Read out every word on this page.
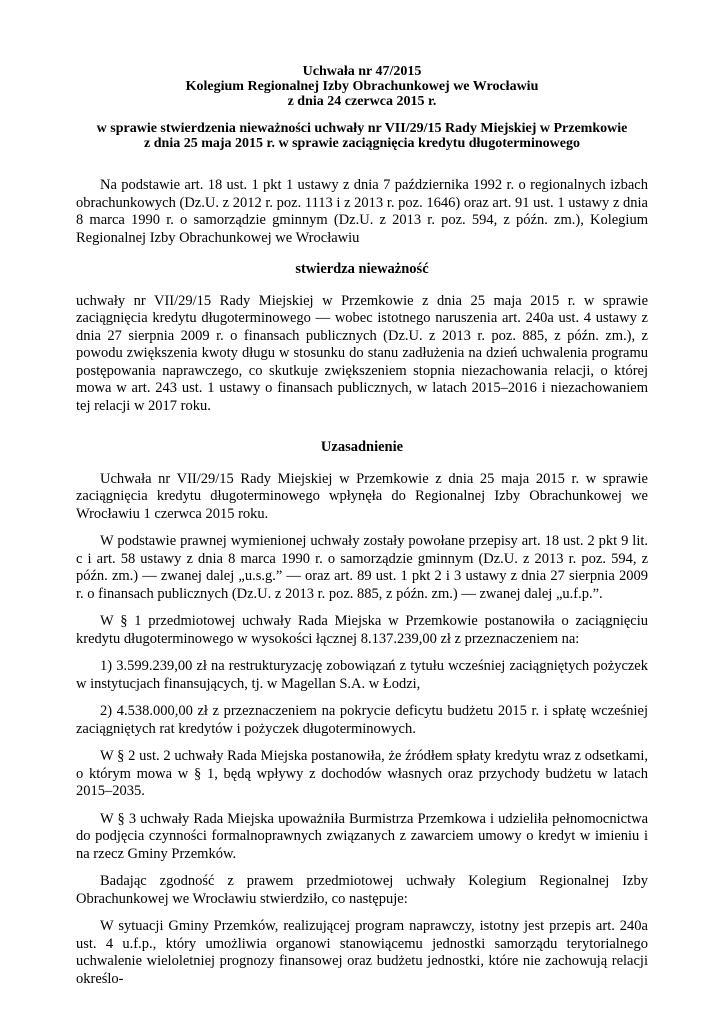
Uchwała nr 47/2015

Kolegium Regionalnej Izby Obrachunkowej we Wrocławiu

z dnia 24 czerwca 2015 r.

w sprawie stwierdzenia nieważności uchwały nr VII/29/15 Rady Miejskiej w Przemkowie

z dnia 25 maja 2015 r. w sprawie zaciągnięcia kredytu długoterminowego

Na podstawie art. 18 ust. 1 pkt 1 ustawy z dnia 7 października 1992 r. o regionalnych izbach obrachunkowych (Dz.U. z 2012 r. poz. 1113 i z 2013 r. poz. 1646) oraz art. 91 ust. 1 ustawy z dnia 8 marca 1990 r. o samorządzie gminnym (Dz.U. z 2013 r. poz. 594, z późn. zm.), Kolegium Regionalnej Izby Obrachunkowej we Wrocławiu

stwierdza nieważność

uchwały nr VII/29/15 Rady Miejskiej w Przemkowie z dnia 25 maja 2015 r. w sprawie zaciągnięcia kredytu długoterminowego — wobec istotnego naruszenia art. 240a ust. 4 ustawy z dnia 27 sierpnia 2009 r. o finansach publicznych (Dz.U. z 2013 r. poz. 885, z późn. zm.), z powodu zwiększenia kwoty długu w stosunku do stanu zadłużenia na dzień uchwalenia programu postępowania naprawczego, co skutkuje zwiększeniem stopnia niezachowania relacji, o której mowa w art. 243 ust. 1 ustawy o finansach publicznych, w latach 2015–2016 i niezachowaniem tej relacji w 2017 roku.

Uzasadnienie

Uchwała nr VII/29/15 Rady Miejskiej w Przemkowie z dnia 25 maja 2015 r. w sprawie zaciągnięcia kredytu długoterminowego wpłynęła do Regionalnej Izby Obrachunkowej we Wrocławiu 1 czerwca 2015 roku.

W podstawie prawnej wymienionej uchwały zostały powołane przepisy art. 18 ust. 2 pkt 9 lit. c i art. 58 ustawy z dnia 8 marca 1990 r. o samorządzie gminnym (Dz.U. z 2013 r. poz. 594, z późn. zm.) — zwanej dalej „u.s.g.” — oraz art. 89 ust. 1 pkt 2 i 3 ustawy z dnia 27 sierpnia 2009 r. o finansach publicznych (Dz.U. z 2013 r. poz. 885, z późn. zm.) — zwanej dalej „u.f.p.”.

W § 1 przedmiotowej uchwały Rada Miejska w Przemkowie postanowiła o zaciągnięciu kredytu długoterminowego w wysokości łącznej 8.137.239,00 zł z przeznaczeniem na:

1) 3.599.239,00 zł na restrukturyzację zobowiązań z tytułu wcześniej zaciągniętych pożyczek w instytucjach finansujących, tj. w Magellan S.A. w Łodzi,

2) 4.538.000,00 zł z przeznaczeniem na pokrycie deficytu budżetu 2015 r. i spłatę wcześniej zaciągniętych rat kredytów i pożyczek długoterminowych.

W § 2 ust. 2 uchwały Rada Miejska postanowiła, że źródłem spłaty kredytu wraz z odsetkami, o którym mowa w § 1, będą wpływy z dochodów własnych oraz przychody budżetu w latach 2015–2035.

W § 3 uchwały Rada Miejska upoważniła Burmistrza Przemkowa i udzieliła pełnomocnictwa do podjęcia czynności formalnoprawnych związanych z zawarciem umowy o kredyt w imieniu i na rzecz Gminy Przemków.

Badając zgodność z prawem przedmiotowej uchwały Kolegium Regionalnej Izby Obrachunkowej we Wrocławiu stwierdziło, co następuje:

W sytuacji Gminy Przemków, realizującej program naprawczy, istotny jest przepis art. 240a ust. 4 u.f.p., który umożliwia organowi stanowiącemu jednostki samorządu terytorialnego uchwalenie wieloletniej prognozy finansowej oraz budżetu jednostki, które nie zachowują relacji określo-
